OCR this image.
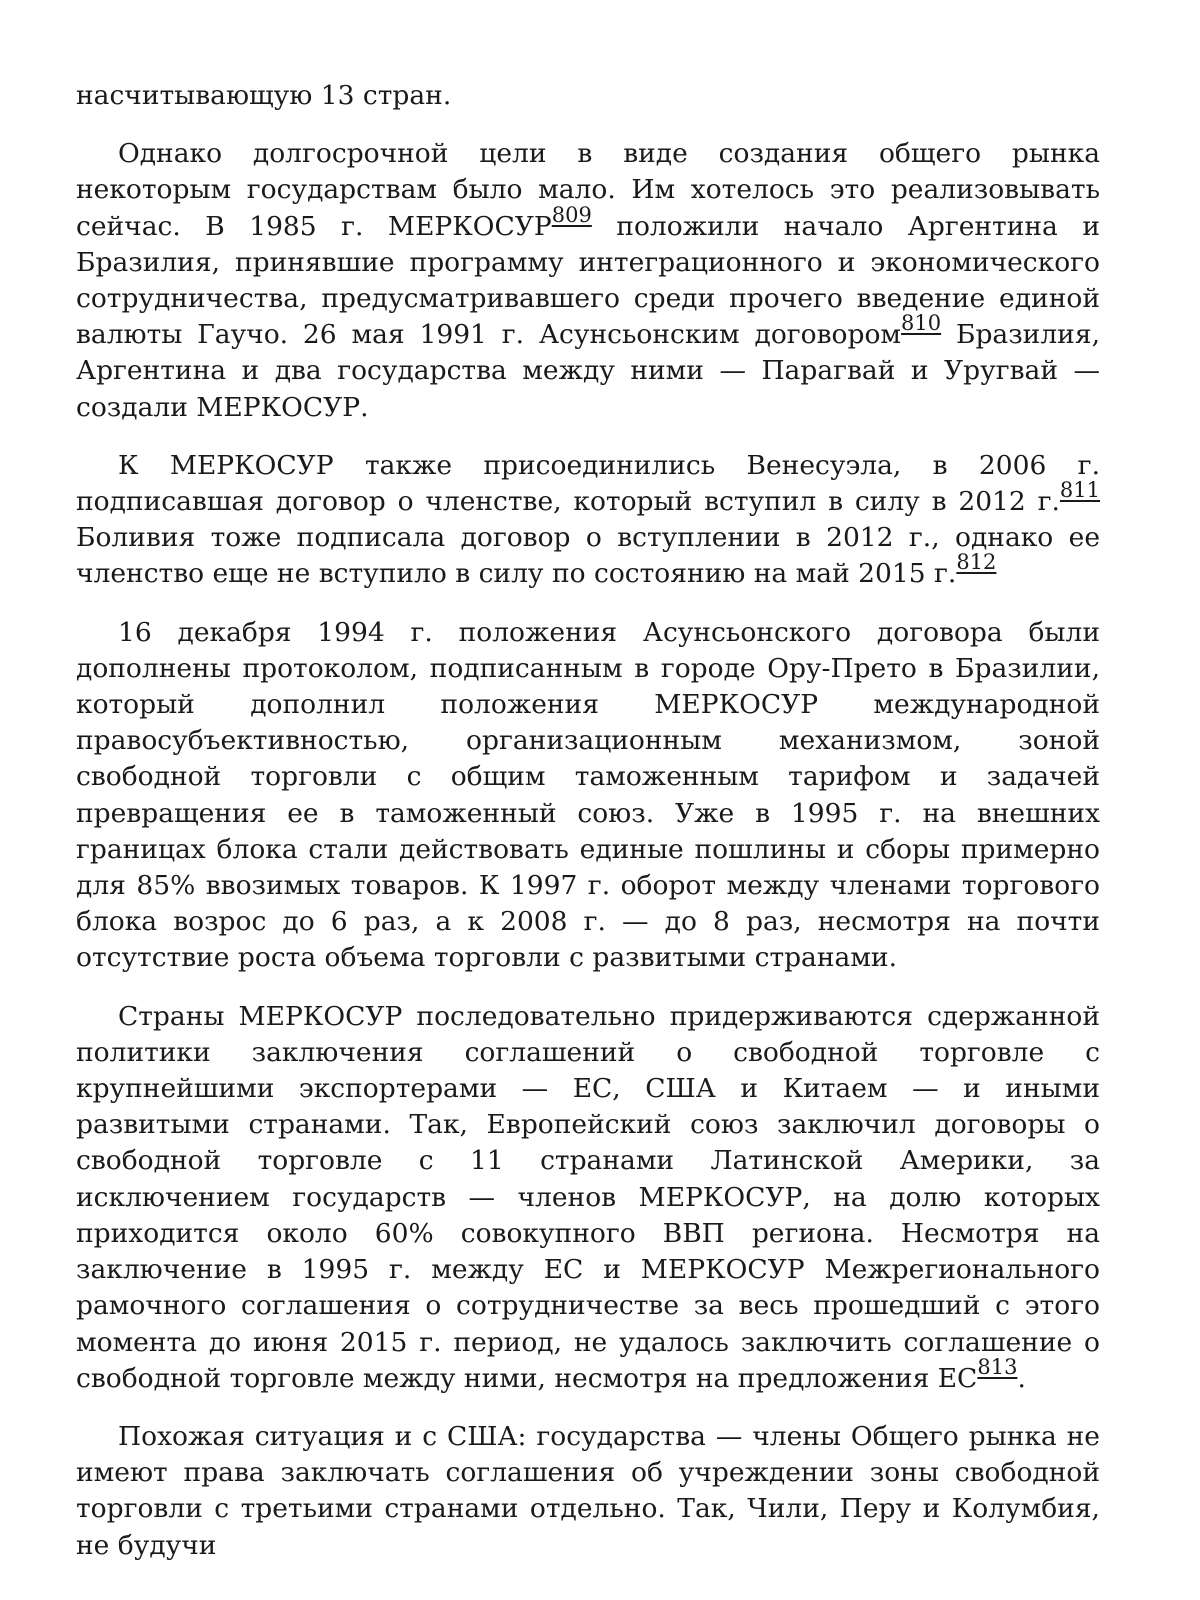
насчитывающую 13 стран.

Однако долгосрочной цели в виде создания общего рынка некоторым государствам было мало. Им хотелось это реализовывать сейчас. В 1985 г. МЕРКОСУР$^{809}$ положили начало Аргентина и Бразилия, принявшие программу интеграционного и экономического сотрудничества, предусматривавшего среди прочего введение единой валюты Гаучо. 26 мая 1991 г. Асунсьонским договором$^{810}$ Бразилия, Аргентина и два государства между ними — Парагвай и Уругвай — создали МЕРКОСУР.

К МЕРКОСУР также присоединились Венесуэла, в 2006 г. подписавшая договор о членстве, который вступил в силу в 2012 г.$^{811}$ Боливия тоже подписала договор о вступлении в 2012 г., однако ее членство еще не вступило в силу по состоянию на май 2015 г.$^{812}$

16 декабря 1994 г. положения Асунсьонского договора были дополнены протоколом, подписанным в городе Ору-Прето в Бразилии, который дополнил положения МЕРКОСУР международной правосубъективностью, организационным механизмом, зоной свободной торговли с общим таможенным тарифом и задачей превращения ее в таможенный союз. Уже в 1995 г. на внешних границах блока стали действовать единые пошлины и сборы примерно для 85% ввозимых товаров. К 1997 г. оборот между членами торгового блока возрос до 6 раз, а к 2008 г. — до 8 раз, несмотря на почти отсутствие роста объема торговли с развитыми странами.

Страны МЕРКОСУР последовательно придерживаются сдержанной политики заключения соглашений о свободной торговле с крупнейшими экспортерами — ЕС, США и Китаем — и иными развитыми странами. Так, Европейский союз заключил договоры о свободной торговле с 11 странами Латинской Америки, за исключением государств — членов МЕРКОСУР, на долю которых приходится около 60% совокупного ВВП региона. Несмотря на заключение в 1995 г. между ЕС и МЕРКОСУР Межрегионального рамочного соглашения о сотрудничестве за весь прошедший с этого момента до июня 2015 г. период, не удалось заключить соглашение о свободной торговле между ними, несмотря на предложения ЕС$^{813}$.

Похожая ситуация и с США: государства — члены Общего рынка не имеют права заключать соглашения об учреждении зоны свободной торговли с третьими странами отдельно. Так, Чили, Перу и Колумбия, не будучи
